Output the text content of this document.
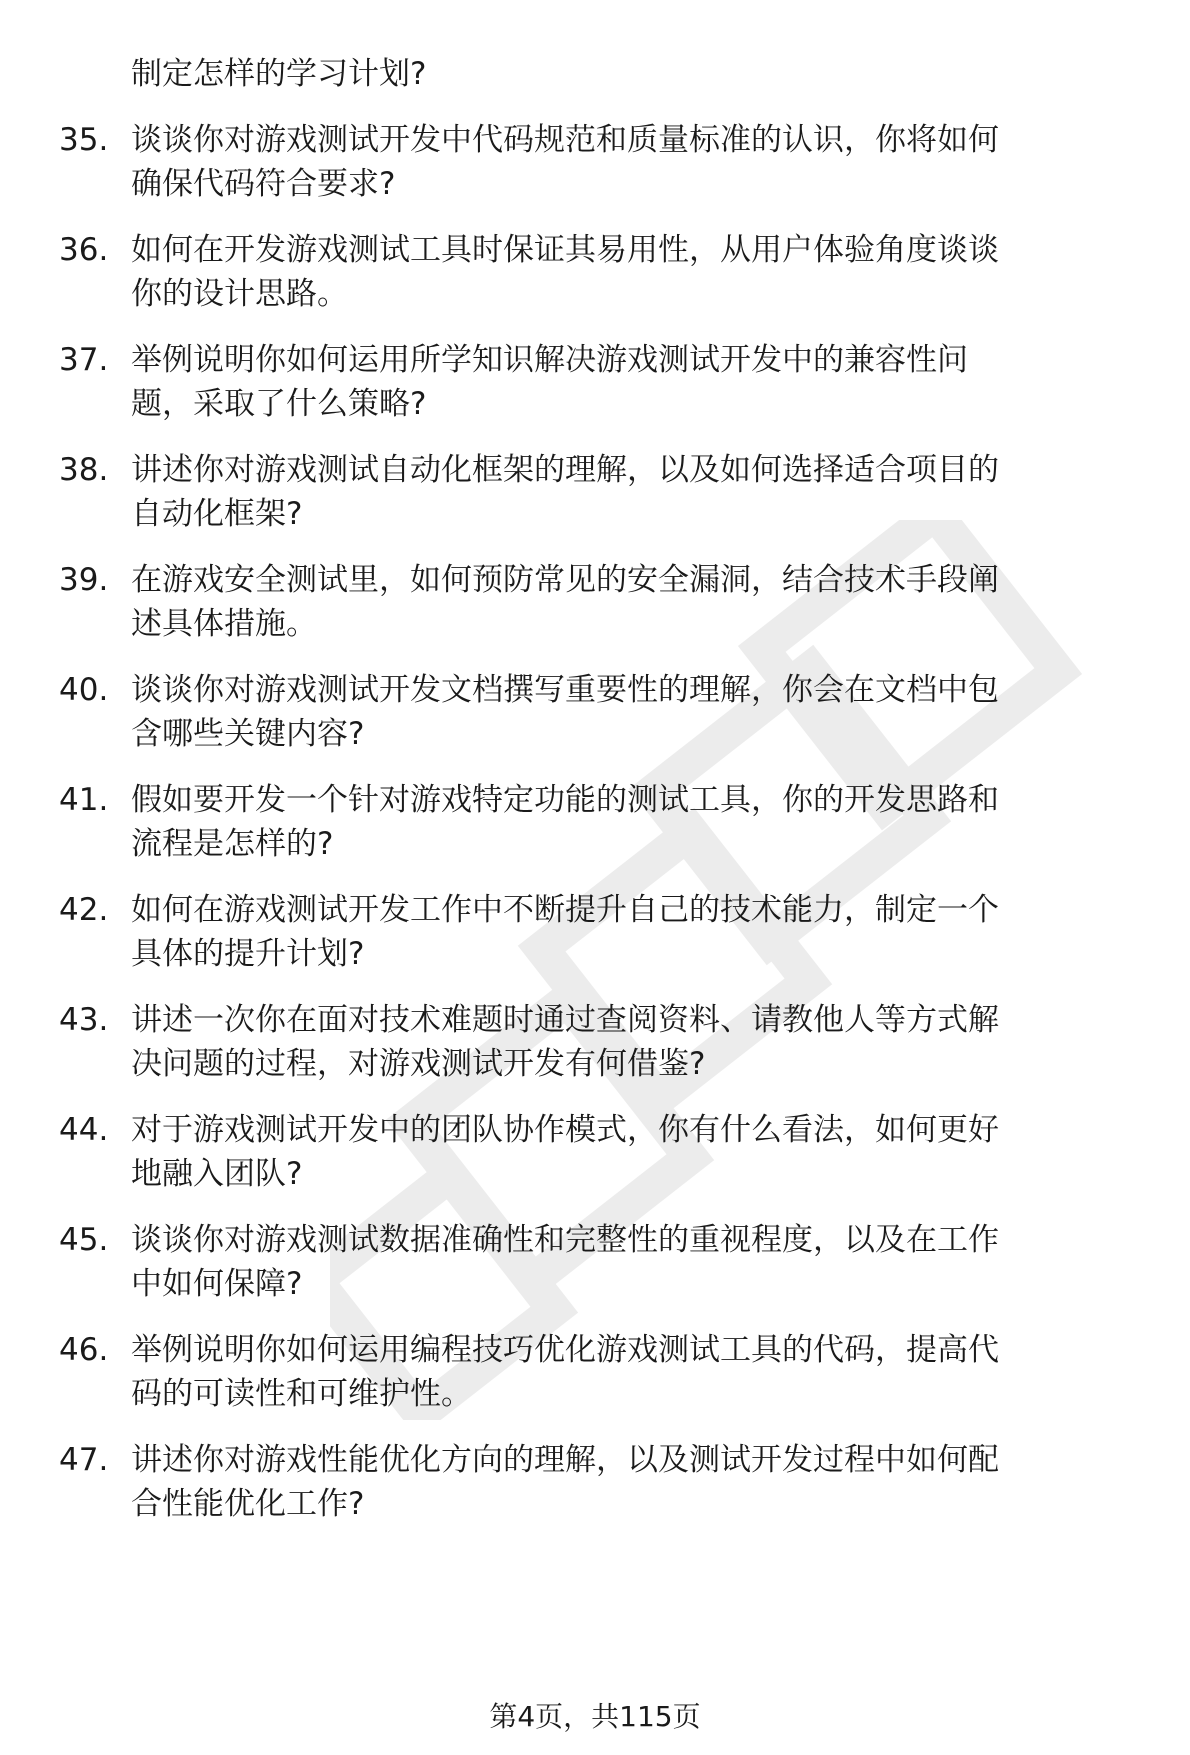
制定怎样的学习计划?
35. 谈谈你对游戏测试开发中代码规范和质量标准的认识，你将如何
确保代码符合要求?
36. 如何在开发游戏测试工具时保证其易用性，从用户体验角度谈谈
你的设计思路。
37. 举例说明你如何运用所学知识解决游戏测试开发中的兼容性问
题，采取了什么策略?
38. 讲述你对游戏测试自动化框架的理解，以及如何选择适合项目的
自动化框架?
39. 在游戏安全测试里，如何预防常见的安全漏洞，结合技术手段阐
述具体措施。
40. 谈谈你对游戏测试开发文档撰写重要性的理解，你会在文档中包
含哪些关键内容?
41. 假如要开发一个针对游戏特定功能的测试工具，你的开发思路和
流程是怎样的?
42. 如何在游戏测试开发工作中不断提升自己的技术能力，制定一个
具体的提升计划?
43. 讲述一次你在面对技术难题时通过查阅资料、请教他人等方式解
决问题的过程，对游戏测试开发有何借鉴?
44. 对于游戏测试开发中的团队协作模式，你有什么看法，如何更好
地融入团队?
45. 谈谈你对游戏测试数据准确性和完整性的重视程度，以及在工作
中如何保障?
46. 举例说明你如何运用编程技巧优化游戏测试工具的代码，提高代
码的可读性和可维护性。
47. 讲述你对游戏性能优化方向的理解，以及测试开发过程中如何配
合性能优化工作?
第4页，共115页
